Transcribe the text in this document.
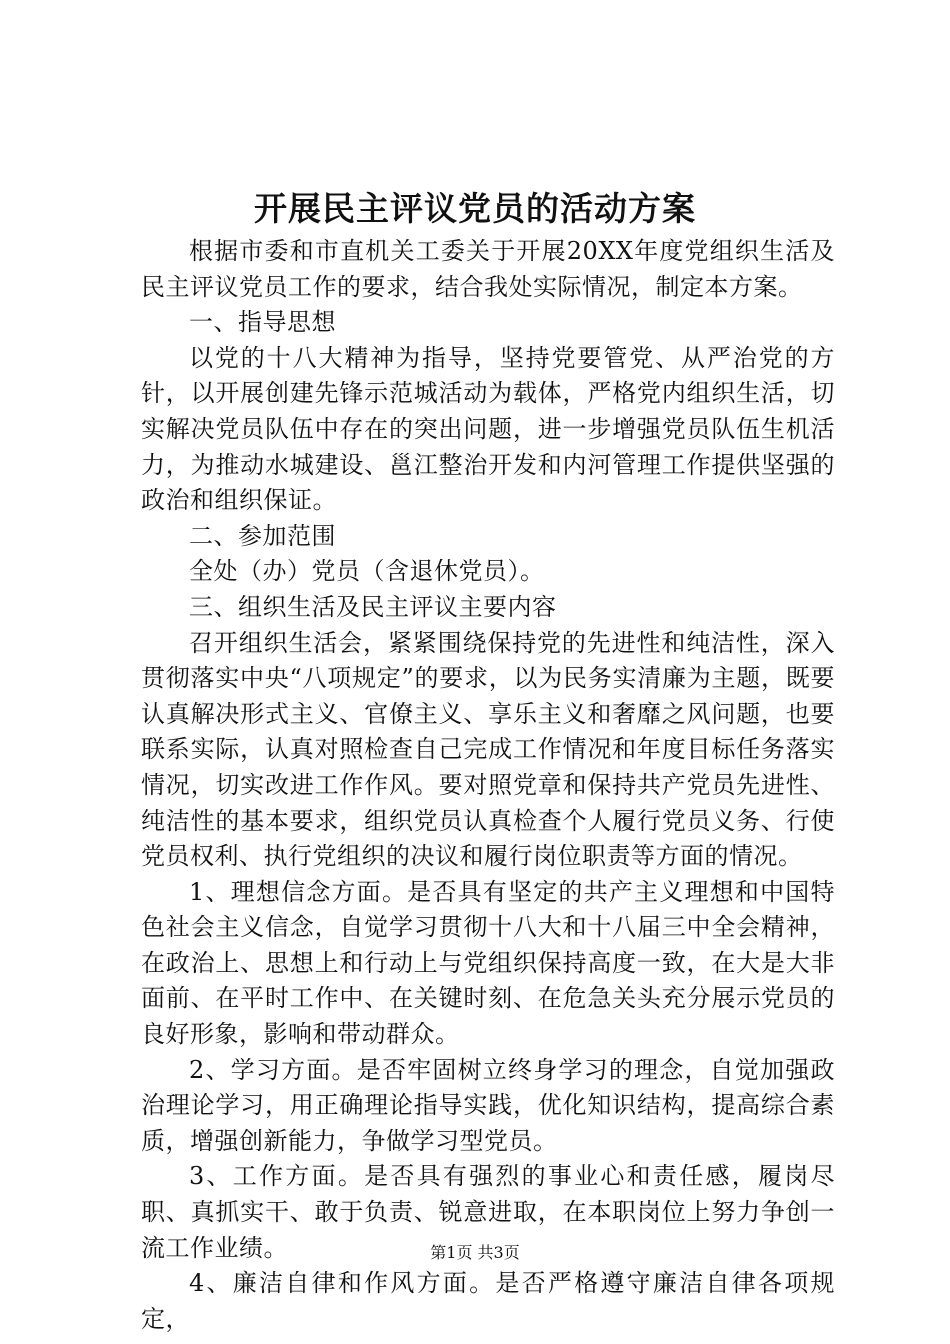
开展民主评议党员的活动方案

根据市委和市直机关工委关于开展20XX年度党组织生活及民主评议党员工作的要求，结合我处实际情况，制定本方案。

一、指导思想

以党的十八大精神为指导，坚持党要管党、从严治党的方针，以开展创建先锋示范城活动为载体，严格党内组织生活，切实解决党员队伍中存在的突出问题，进一步增强党员队伍生机活力，为推动水城建设、邕江整治开发和内河管理工作提供坚强的政治和组织保证。

二、参加范围

全处（办）党员（含退休党员）。

三、组织生活及民主评议主要内容

召开组织生活会，紧紧围绕保持党的先进性和纯洁性，深入贯彻落实中央“八项规定”的要求，以为民务实清廉为主题，既要认真解决形式主义、官僚主义、享乐主义和奢靡之风问题，也要联系实际，认真对照检查自己完成工作情况和年度目标任务落实情况，切实改进工作作风。要对照党章和保持共产党员先进性、纯洁性的基本要求，组织党员认真检查个人履行党员义务、行使党员权利、执行党组织的决议和履行岗位职责等方面的情况。

1、理想信念方面。是否具有坚定的共产主义理想和中国特色社会主义信念，自觉学习贯彻十八大和十八届三中全会精神，在政治上、思想上和行动上与党组织保持高度一致，在大是大非面前、在平时工作中、在关键时刻、在危急关头充分展示党员的良好形象，影响和带动群众。

2、学习方面。是否牢固树立终身学习的理念，自觉加强政治理论学习，用正确理论指导实践，优化知识结构，提高综合素质，增强创新能力，争做学习型党员。

3、工作方面。是否具有强烈的事业心和责任感，履岗尽职、真抓实干、敢于负责、锐意进取，在本职岗位上努力争创一流工作业绩。

4、廉洁自律和作风方面。是否严格遵守廉洁自律各项规定，

第1页 共3页
